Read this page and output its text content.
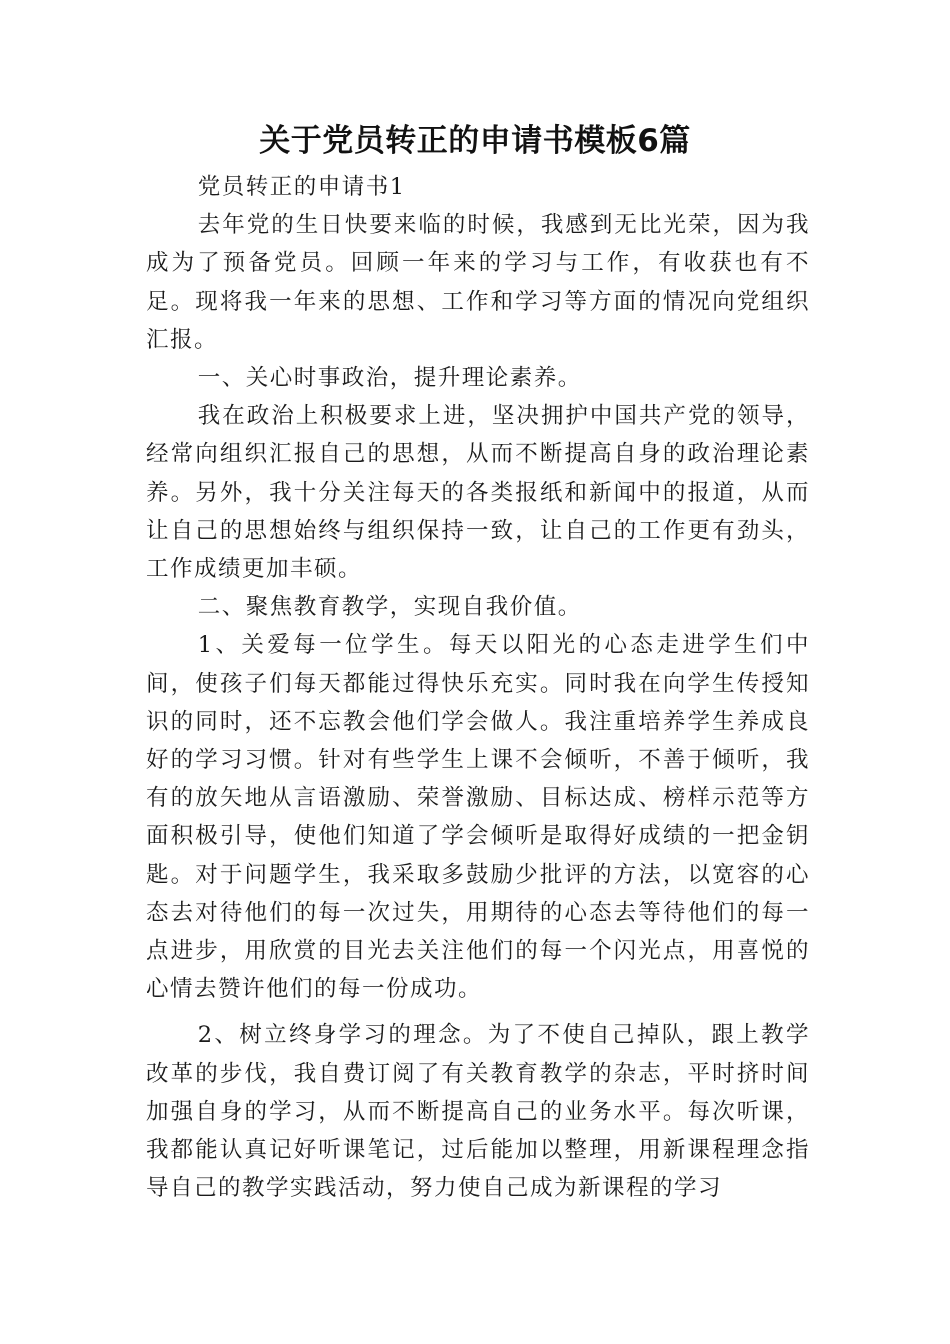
关于党员转正的申请书模板6篇

党员转正的申请书1

去年党的生日快要来临的时候，我感到无比光荣，因为我成为了预备党员。回顾一年来的学习与工作，有收获也有不足。现将我一年来的思想、工作和学习等方面的情况向党组织汇报。

一、关心时事政治，提升理论素养。

我在政治上积极要求上进，坚决拥护中国共产党的领导，经常向组织汇报自己的思想，从而不断提高自身的政治理论素养。另外，我十分关注每天的各类报纸和新闻中的报道，从而让自己的思想始终与组织保持一致，让自己的工作更有劲头，工作成绩更加丰硕。

二、聚焦教育教学，实现自我价值。

1、关爱每一位学生。每天以阳光的心态走进学生们中间，使孩子们每天都能过得快乐充实。同时我在向学生传授知识的同时，还不忘教会他们学会做人。我注重培养学生养成良好的学习习惯。针对有些学生上课不会倾听，不善于倾听，我有的放矢地从言语激励、荣誉激励、目标达成、榜样示范等方面积极引导，使他们知道了学会倾听是取得好成绩的一把金钥匙。对于问题学生，我采取多鼓励少批评的方法，以宽容的心态去对待他们的每一次过失，用期待的心态去等待他们的每一点进步，用欣赏的目光去关注他们的每一个闪光点，用喜悦的心情去赞许他们的每一份成功。

2、树立终身学习的理念。为了不使自己掉队，跟上教学改革的步伐，我自费订阅了有关教育教学的杂志，平时挤时间加强自身的学习，从而不断提高自己的业务水平。每次听课，我都能认真记好听课笔记，过后能加以整理，用新课程理念指导自己的教学实践活动，努力使自己成为新课程的学习
